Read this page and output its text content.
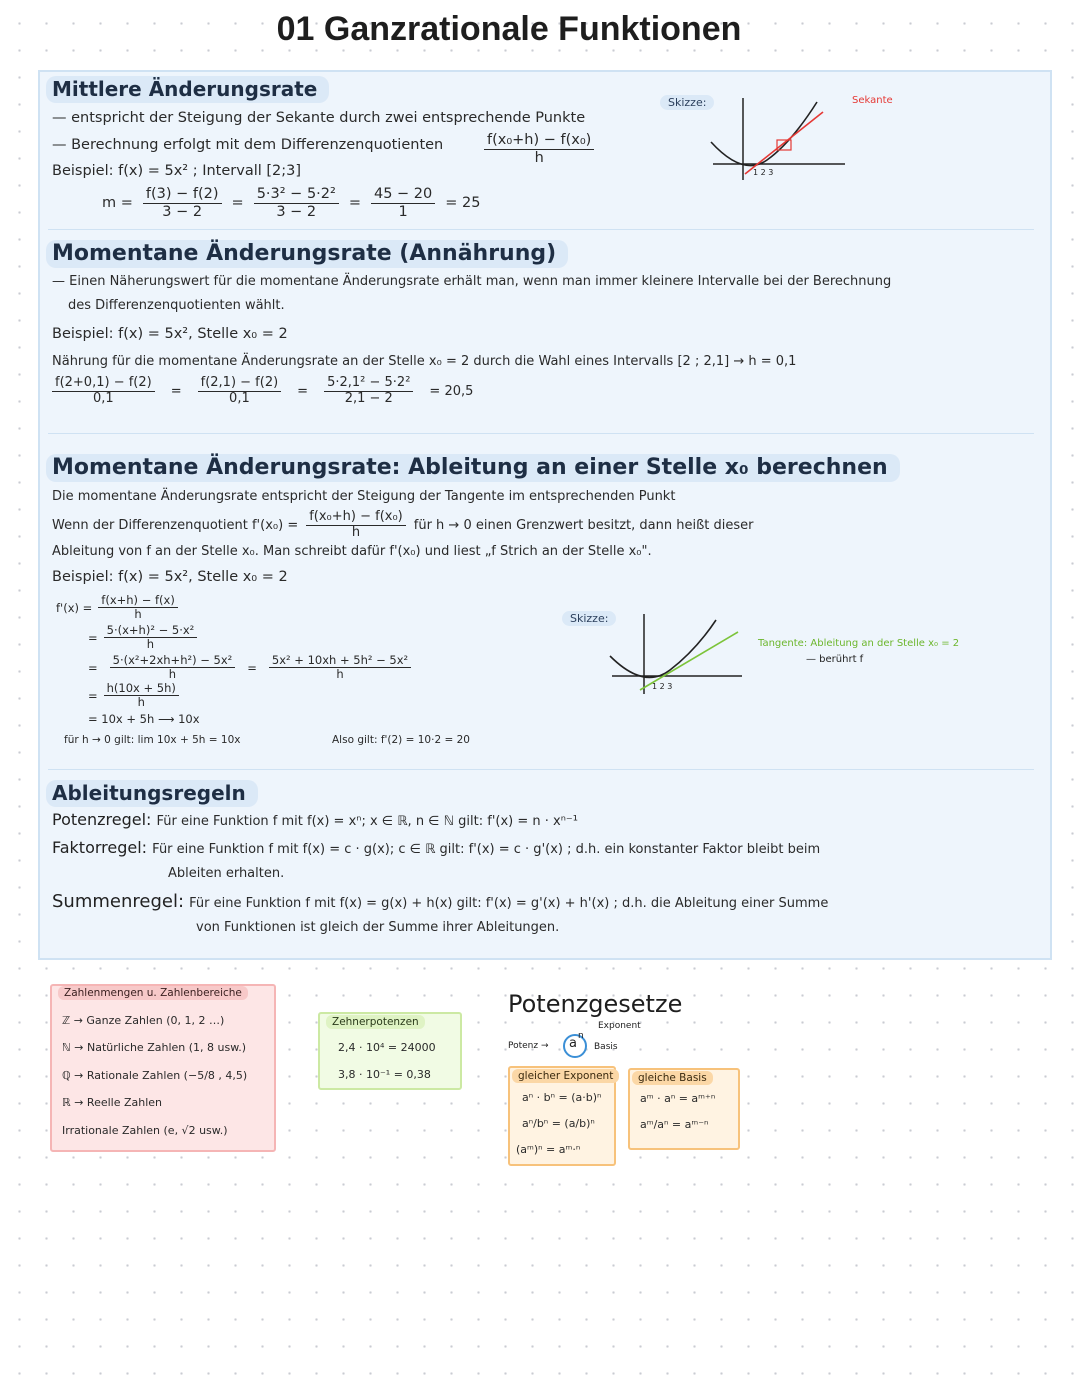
01 Ganzrationale Funktionen
Mittlere Änderungsrate
— entspricht der Steigung der Sekante durch zwei entsprechende Punkte
— Berechnung erfolgt mit dem Differenzenquotienten	$\frac{\text{f(x₀+h) − f(x₀)}}{h}$
Beispiel: f(x) = 5x² ; Intervall [2;3]
$m = \frac{f(3) - f(2)}{3 - 2} = \frac{\text{5·3² − 5·2²}}{3 - 2} = \frac{45 - 20}{1} = 25$
Skizze:	Sekante
1 2 3
Momentane Änderungsrate (Annährung)
— Einen Näherungswert für die momentane Änderungsrate erhält man, wenn man immer kleinere Intervalle bei der Berechnung
des Differenzenquotienten wählt.
Beispiel: f(x) = 5x², Stelle x₀ = 2
Nährung für die momentane Änderungsrate an der Stelle x₀ = 2 durch die Wahl eines Intervalls [2 ; 2,1] → h = 0,1
$\frac{f(2+0,1) - f(2)}{0,1} = \frac{f(2,1) - f(2)}{0,1} = \frac{\text{5·2,1² − 5·2²}}{2,1 - 2} = 20,5$
Momentane Änderungsrate: Ableitung an einer Stelle x₀ berechnen
Die momentane Änderungsrate entspricht der Steigung der Tangente im entsprechenden Punkt
Wenn der Differenzenquotient $f'(x_0) = \frac{\text{f(x₀+h) − f(x₀)}}{h}$ für h → 0 einen Grenzwert besitzt, dann heißt dieser
Ableitung von f an der Stelle x₀. Man schreibt dafür f'(x₀) und liest „f Strich an der Stelle x₀".
Beispiel: f(x) = 5x², Stelle x₀ = 2
$f'(x) = \frac{f(x+h) - f(x)}{h}$
= $\frac{\text{5·(x+h)² − 5·x²}}{h}$
= $\frac{\text{5·(x²+2xh+h²) − 5x²}}{h} = \frac{\text{5x² + 10xh + 5h² − 5x²}}{h}$
= $\frac{h(10x + 5h)}{h}$
= 10x + 5h ⟶ 10x
für h → 0 gilt: lim 10x + 5h = 10x	Also gilt: f'(2) = 10·2 = 20
Skizze:
1 2 3
Tangente: Ableitung an der Stelle x₀ = 2
— berührt f
Ableitungsregeln
Potenzregel: Für eine Funktion f mit f(x) = xⁿ; x ∈ ℝ, n ∈ ℕ gilt: f'(x) = n · xⁿ⁻¹
Faktorregel: Für eine Funktion f mit f(x) = c · g(x); c ∈ ℝ gilt: f'(x) = c · g'(x) ; d.h. ein konstanter Faktor bleibt beim
Ableiten erhalten.
Summenregel: Für eine Funktion f mit f(x) = g(x) + h(x) gilt: f'(x) = g'(x) + h'(x) ; d.h. die Ableitung einer Summe
von Funktionen ist gleich der Summe ihrer Ableitungen.
Zahlenmengen u. Zahlenbereiche
ℤ → Ganze Zahlen (0, 1, 2 …)
ℕ → Natürliche Zahlen (1, 8 usw.)
ℚ → Rationale Zahlen (−5/8 , 4,5)
ℝ → Reelle Zahlen
Irrationale Zahlen (e, √2 usw.)
Zehnerpotenzen
2,4 · 10⁴ = 24000
3,8 · 10⁻¹ = 0,38
Potenzgesetze
Exponent
Potenz → a n
Basis
gleicher Exponent
aⁿ · bⁿ = (a·b)ⁿ
aⁿ/bⁿ = (a/b)ⁿ
(aᵐ)ⁿ = aᵐ·ⁿ
gleiche Basis
aᵐ · aⁿ = aᵐ⁺ⁿ
aᵐ/aⁿ = aᵐ⁻ⁿ
